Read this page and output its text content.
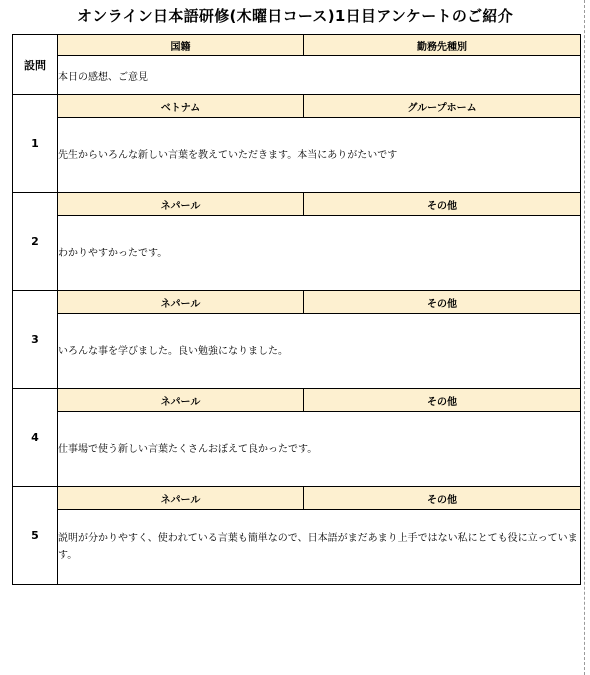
オンライン日本語研修(木曜日コース)1日目アンケートのご紹介
設問	国籍	勤務先種別
	本日の感想、ご意見	
1	ベトナム	グループホーム
	先生からいろんな新しい言葉を教えていただきます。本当にありがたいです	
2	ネパール	その他
	わかりやすかったです。	
3	ネパール	その他
	いろんな事を学びました。良い勉強になりました。	
4	ネパール	その他
	仕事場で使う新しい言葉たくさんおぼえて良かったです。	
5	ネパール	その他
	説明が分かりやすく、使われている言葉も簡単なので、日本語がまだあまり上手ではない私にとても役に立っています。	
